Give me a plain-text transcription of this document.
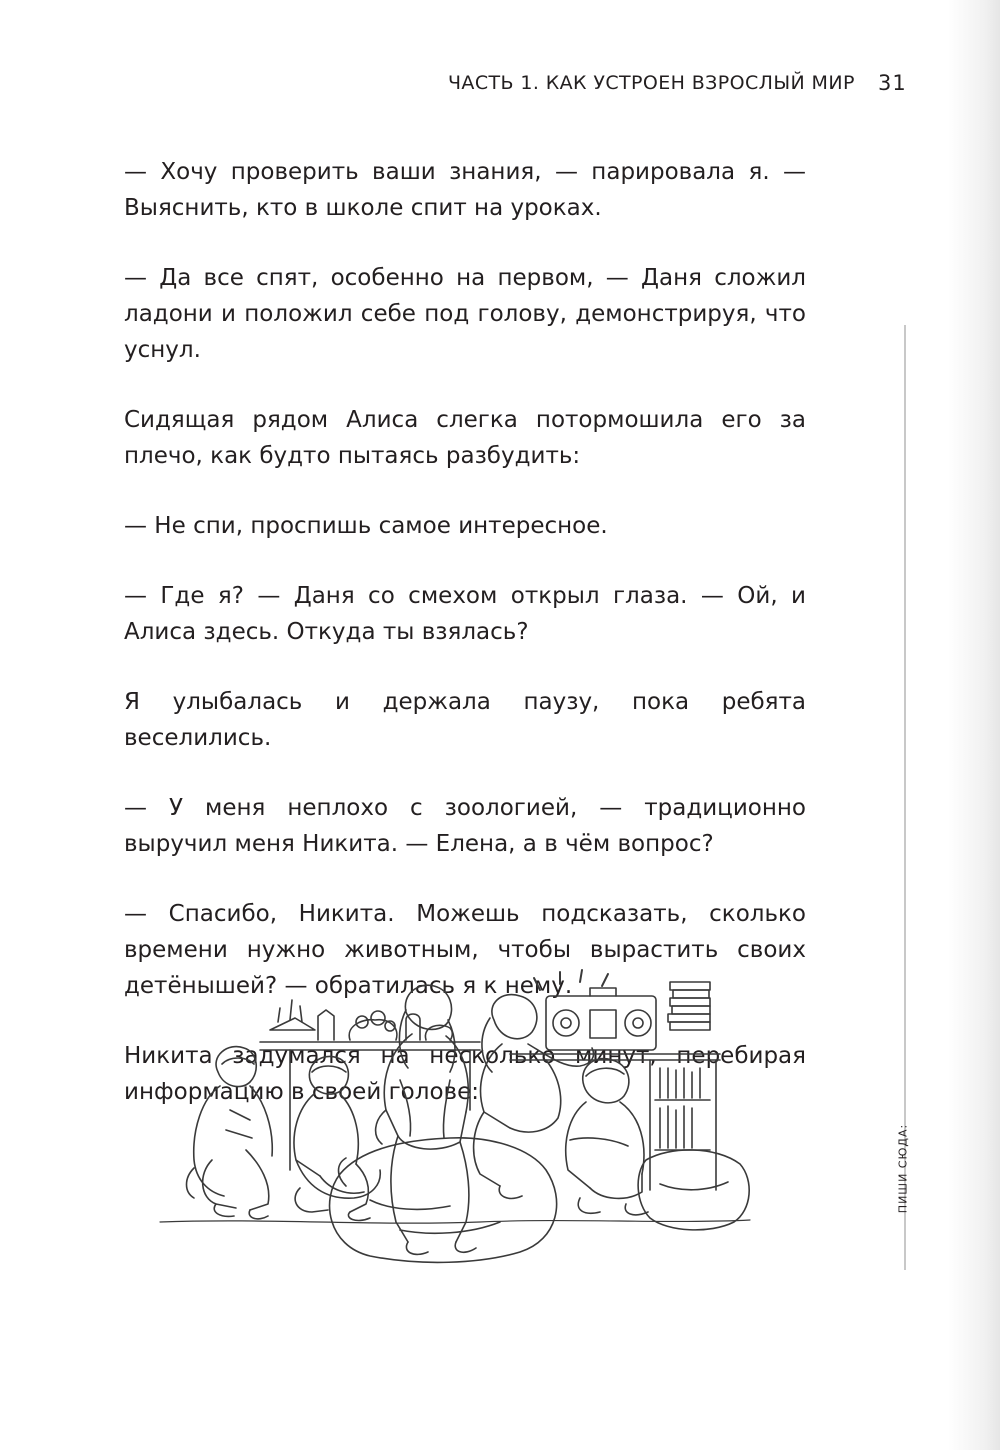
ЧАСТЬ 1. КАК УСТРОЕН ВЗРОСЛЫЙ МИР 31

— Хочу проверить ваши знания, — парировала я. — Выяснить, кто в школе спит на уроках.

— Да все спят, особенно на первом, — Даня сложил ладони и положил себе под голову, демонстрируя, что уснул.

Сидящая рядом Алиса слегка потормошила его за плечо, как будто пытаясь разбудить:

— Не спи, проспишь самое интересное.

— Где я? — Даня со смехом открыл глаза. — Ой, и Алиса здесь. Откуда ты взялась?

Я улыбалась и держала паузу, пока ребята веселились.

— У меня неплохо с зоологией, — традиционно выручил меня Никита. — Елена, а в чём вопрос?

— Спасибо, Никита. Можешь подсказать, сколько времени нужно животным, чтобы вырастить своих детёнышей? — обратилась я к нему.

Никита задумался на несколько минут, перебирая информацию в своей голове:

ПИШИ СЮДА:
